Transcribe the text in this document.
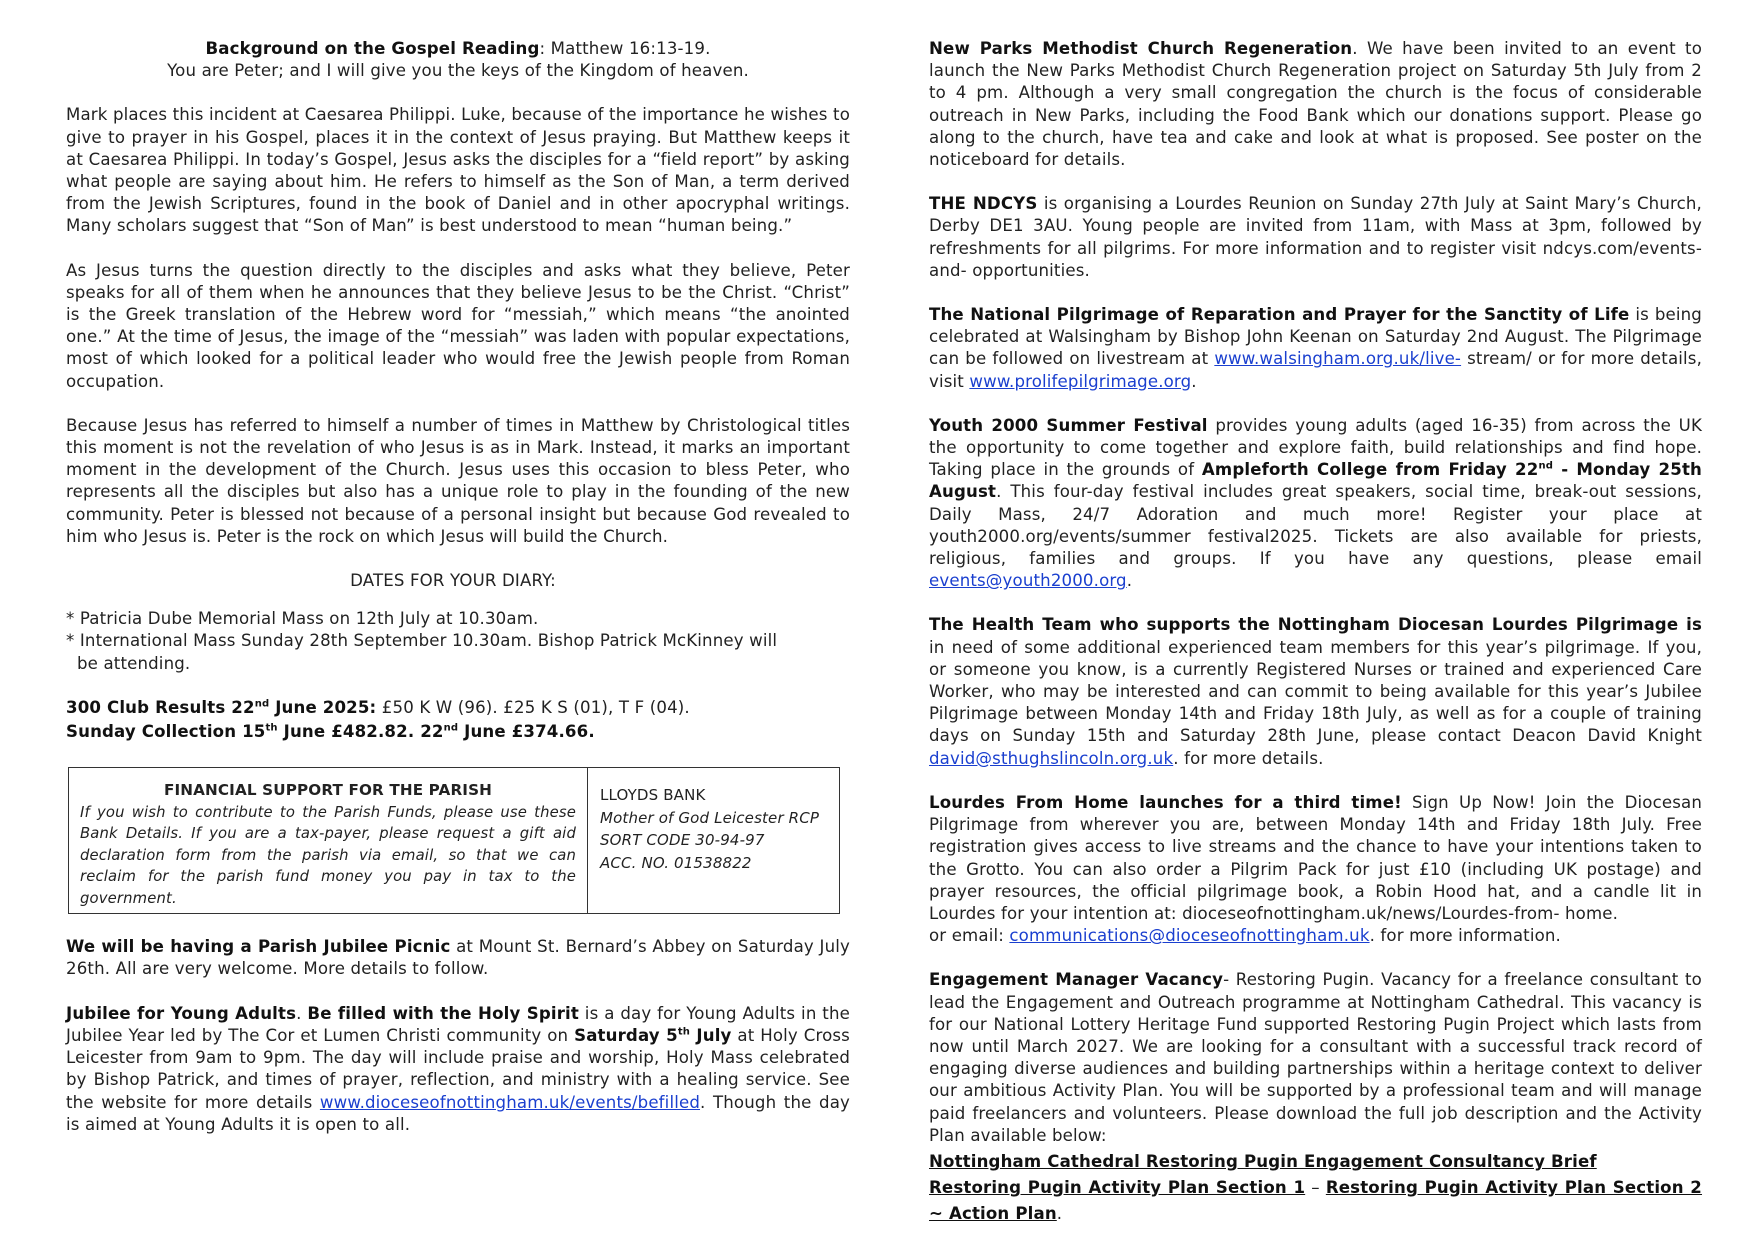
Background on the Gospel Reading: Matthew 16:13-19.

You are Peter; and I will give you the keys of the Kingdom of heaven.

Mark places this incident at Caesarea Philippi. Luke, because of the importance he wishes to give to prayer in his Gospel, places it in the context of Jesus praying. But Matthew keeps it at Caesarea Philippi. In today’s Gospel, Jesus asks the disciples for a “field report” by asking what people are saying about him. He refers to himself as the Son of Man, a term derived from the Jewish Scriptures, found in the book of Daniel and in other apocryphal writings. Many scholars suggest that “Son of Man” is best understood to mean “human being.”

As Jesus turns the question directly to the disciples and asks what they believe, Peter speaks for all of them when he announces that they believe Jesus to be the Christ. “Christ” is the Greek translation of the Hebrew word for “messiah,” which means “the anointed one.” At the time of Jesus, the image of the “messiah” was laden with popular expectations, most of which looked for a political leader who would free the Jewish people from Roman occupation.

Because Jesus has referred to himself a number of times in Matthew by Christological titles this moment is not the revelation of who Jesus is as in Mark. Instead, it marks an important moment in the development of the Church. Jesus uses this occasion to bless Peter, who represents all the disciples but also has a unique role to play in the founding of the new community. Peter is blessed not because of a personal insight but because God revealed to him who Jesus is. Peter is the rock on which Jesus will build the Church.

DATES FOR YOUR DIARY:

* Patricia Dube Memorial Mass on 12th July at 10.30am.

* International Mass Sunday 28th September 10.30am. Bishop Patrick McKinney will

be attending.

300 Club Results 22nd June 2025: £50 K W (96). £25 K S (01), T F (04).

Sunday Collection 15th June £482.82. 22nd June £374.66.

FINANCIAL SUPPORT FOR THE PARISH
If you wish to contribute to the Parish Funds, please use these Bank Details. If you are a tax-payer, please request a gift aid declaration form from the parish via email, so that we can reclaim for the parish fund money you pay in tax to the government.
LLOYDS BANK
Mother of God Leicester RCP
SORT CODE 30-94-97
ACC. NO. 01538822

We will be having a Parish Jubilee Picnic at Mount St. Bernard’s Abbey on Saturday July 26th. All are very welcome. More details to follow.

Jubilee for Young Adults. Be filled with the Holy Spirit is a day for Young Adults in the Jubilee Year led by The Cor et Lumen Christi community on Saturday 5th July at Holy Cross Leicester from 9am to 9pm. The day will include praise and worship, Holy Mass celebrated by Bishop Patrick, and times of prayer, reflection, and ministry with a healing service. See the website for more details www.dioceseofnottingham.uk/events/befilled. Though the day is aimed at Young Adults it is open to all.

New Parks Methodist Church Regeneration. We have been invited to an event to launch the New Parks Methodist Church Regeneration project on Saturday 5th July from 2 to 4 pm. Although a very small congregation the church is the focus of considerable outreach in New Parks, including the Food Bank which our donations support. Please go along to the church, have tea and cake and look at what is proposed. See poster on the noticeboard for details.

THE NDCYS is organising a Lourdes Reunion on Sunday 27th July at Saint Mary’s Church, Derby DE1 3AU. Young people are invited from 11am, with Mass at 3pm, followed by refreshments for all pilgrims. For more information and to register visit ndcys.com/events-and- opportunities.

The National Pilgrimage of Reparation and Prayer for the Sanctity of Life is being celebrated at Walsingham by Bishop John Keenan on Saturday 2nd August. The Pilgrimage can be followed on livestream at www.walsingham.org.uk/live- stream/ or for more details, visit www.prolifepilgrimage.org.

Youth 2000 Summer Festival provides young adults (aged 16-35) from across the UK the opportunity to come together and explore faith, build relationships and find hope. Taking place in the grounds of Ampleforth College from Friday 22nd - Monday 25th August. This four-day festival includes great speakers, social time, break-out sessions, Daily Mass, 24/7 Adoration and much more! Register your place at youth2000.org/events/summer festival2025. Tickets are also available for priests, religious, families and groups. If you have any questions, please email events@youth2000.org.

The Health Team who supports the Nottingham Diocesan Lourdes Pilgrimage is in need of some additional experienced team members for this year’s pilgrimage. If you, or someone you know, is a currently Registered Nurses or trained and experienced Care Worker, who may be interested and can commit to being available for this year’s Jubilee Pilgrimage between Monday 14th and Friday 18th July, as well as for a couple of training days on Sunday 15th and Saturday 28th June, please contact Deacon David Knight david@sthughslincoln.org.uk. for more details.

Lourdes From Home launches for a third time! Sign Up Now! Join the Diocesan Pilgrimage from wherever you are, between Monday 14th and Friday 18th July. Free registration gives access to live streams and the chance to have your intentions taken to the Grotto. You can also order a Pilgrim Pack for just £10 (including UK postage) and prayer resources, the official pilgrimage book, a Robin Hood hat, and a candle lit in Lourdes for your intention at: dioceseofnottingham.uk/news/Lourdes-from- home.

or email: communications@dioceseofnottingham.uk. for more information.

Engagement Manager Vacancy- Restoring Pugin. Vacancy for a freelance consultant to lead the Engagement and Outreach programme at Nottingham Cathedral. This vacancy is for our National Lottery Heritage Fund supported Restoring Pugin Project which lasts from now until March 2027. We are looking for a consultant with a successful track record of engaging diverse audiences and building partnerships within a heritage context to deliver our ambitious Activity Plan. You will be supported by a professional team and will manage paid freelancers and volunteers. Please download the full job description and the Activity Plan available below:

Nottingham Cathedral Restoring Pugin Engagement Consultancy Brief

Restoring Pugin Activity Plan Section 1 – Restoring Pugin Activity Plan Section 2 ~ Action Plan.
